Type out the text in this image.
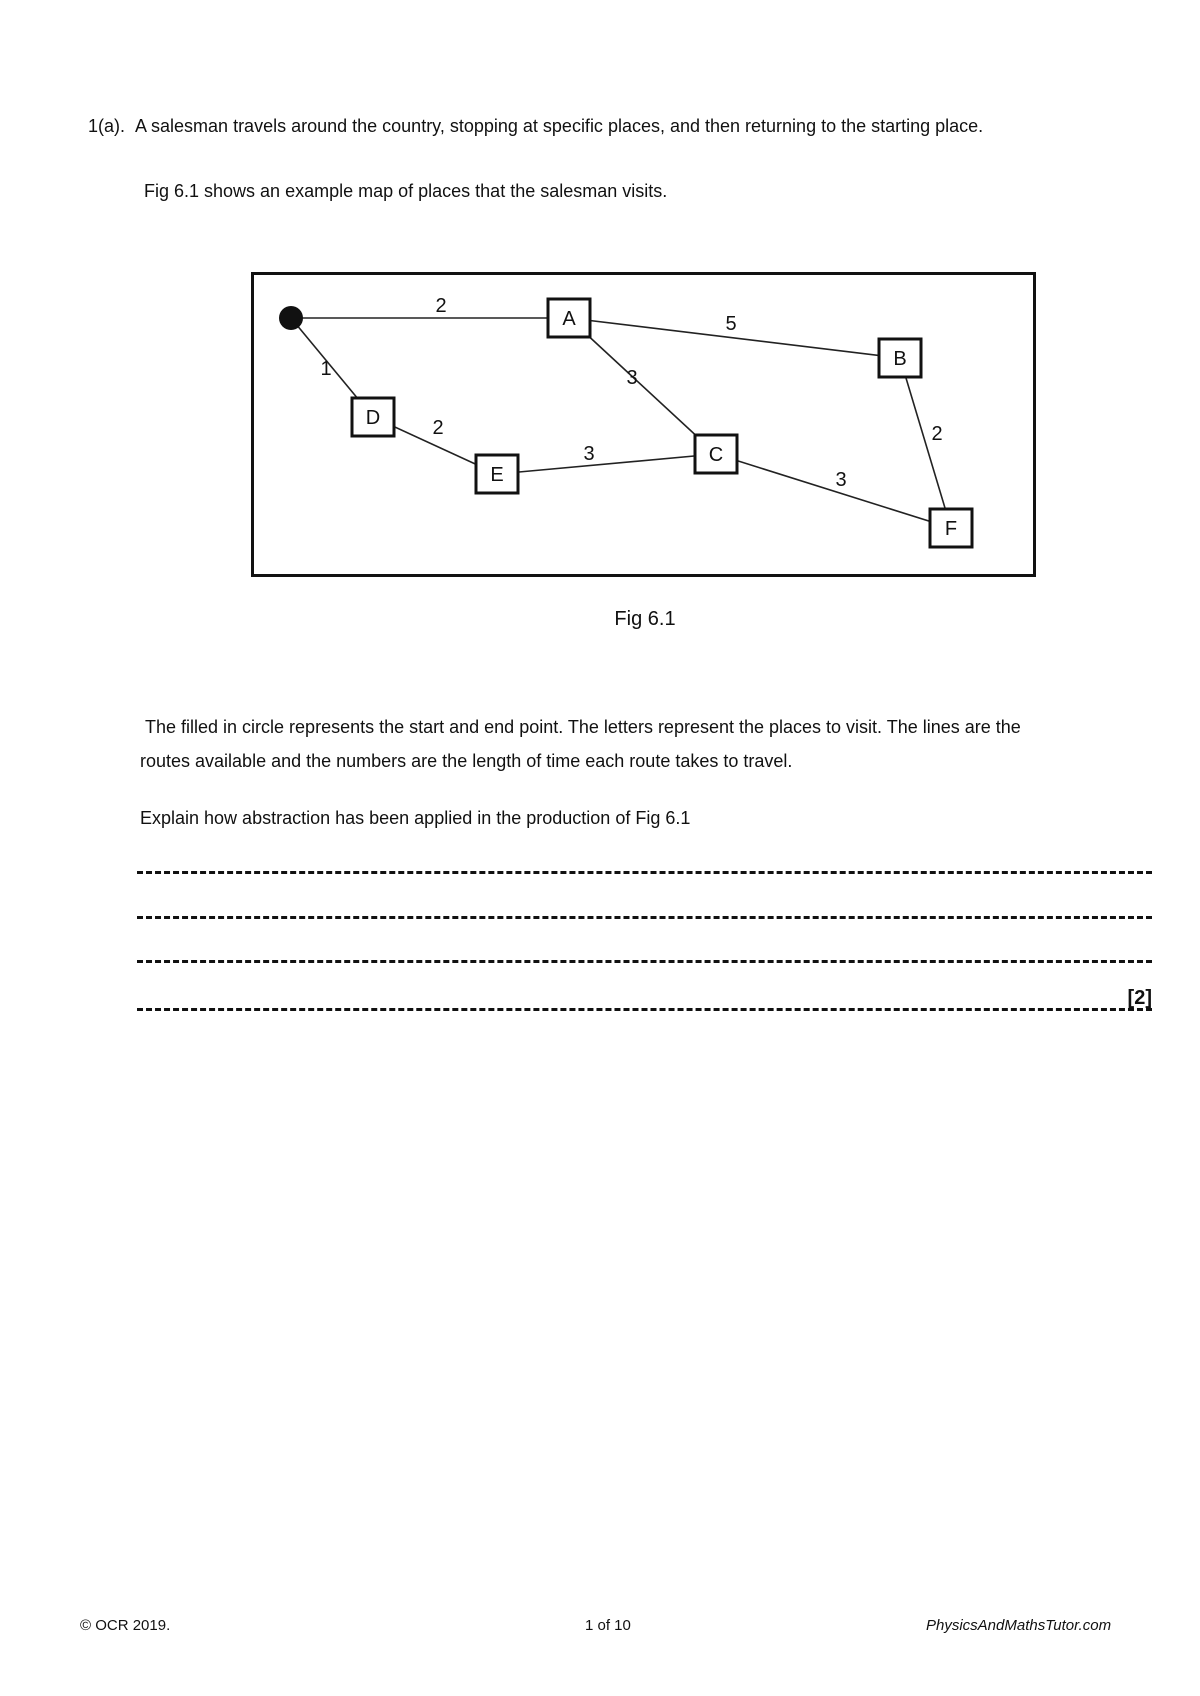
1(a). A salesman travels around the country, stopping at specific places, and then returning to the starting place.
Fig 6.1 shows an example map of places that the salesman visits.
2
1
5
3
2
3
3
2
A
B
C
D
E
F
Fig 6.1

The filled in circle represents the start and end point. The letters represent the places to visit. The lines are the

routes available and the numbers are the length of time each route takes to travel.

Explain how abstraction has been applied in the production of Fig 6.1
[2]
© OCR 2019.	1 of 10	PhysicsAndMathsTutor.com
